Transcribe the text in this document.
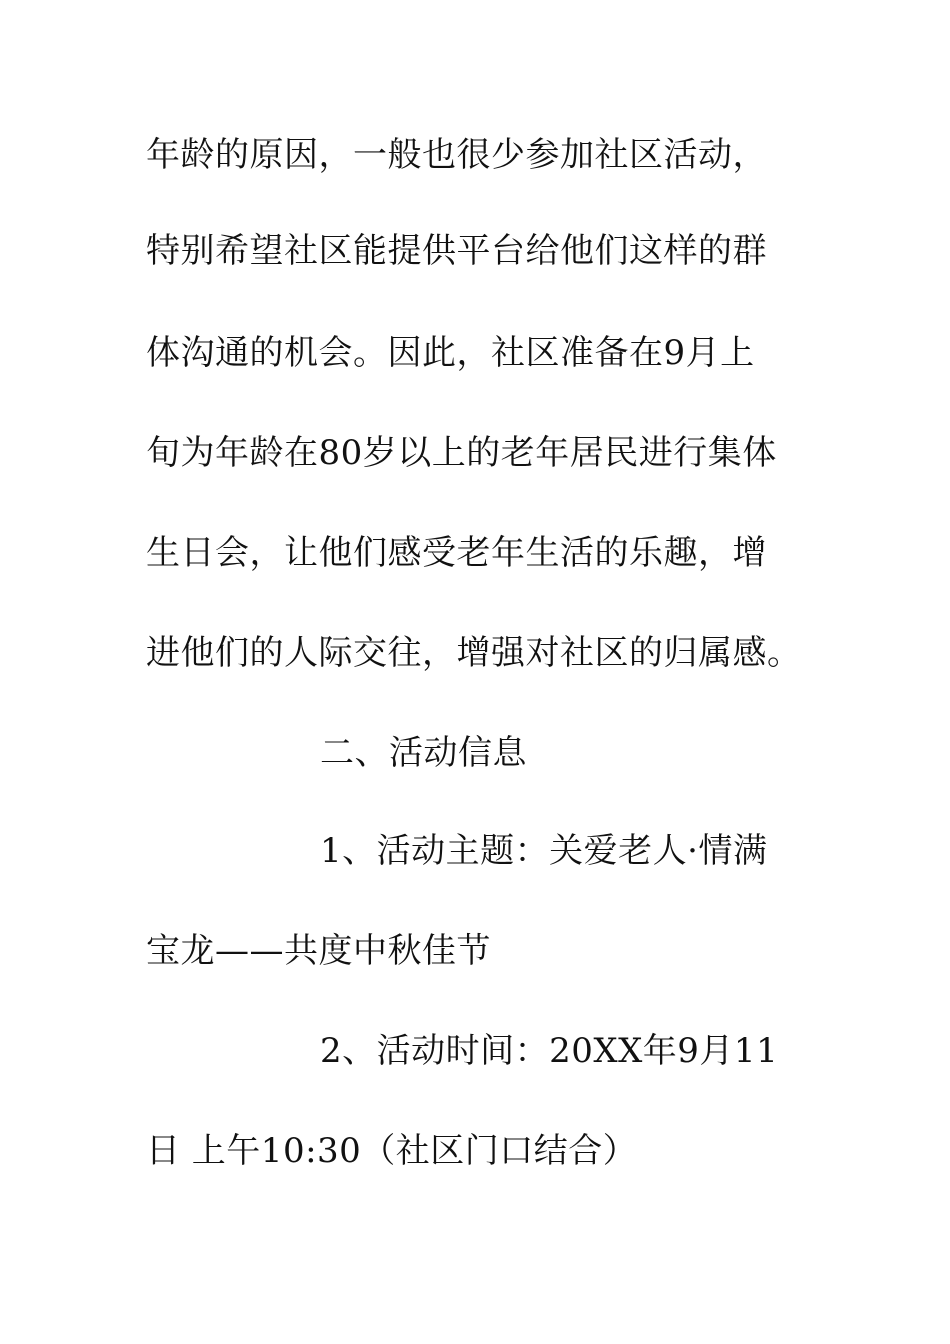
年龄的原因，一般也很少参加社区活动，
特别希望社区能提供平台给他们这样的群
体沟通的机会。因此，社区准备在9月上
旬为年龄在80岁以上的老年居民进行集体
生日会，让他们感受老年生活的乐趣，增
进他们的人际交往，增强对社区的归属感。
二、活动信息
1、活动主题：关爱老人·情满
宝龙——共度中秋佳节
2、活动时间：20XX年9月11
日 上午10:30（社区门口结合）
